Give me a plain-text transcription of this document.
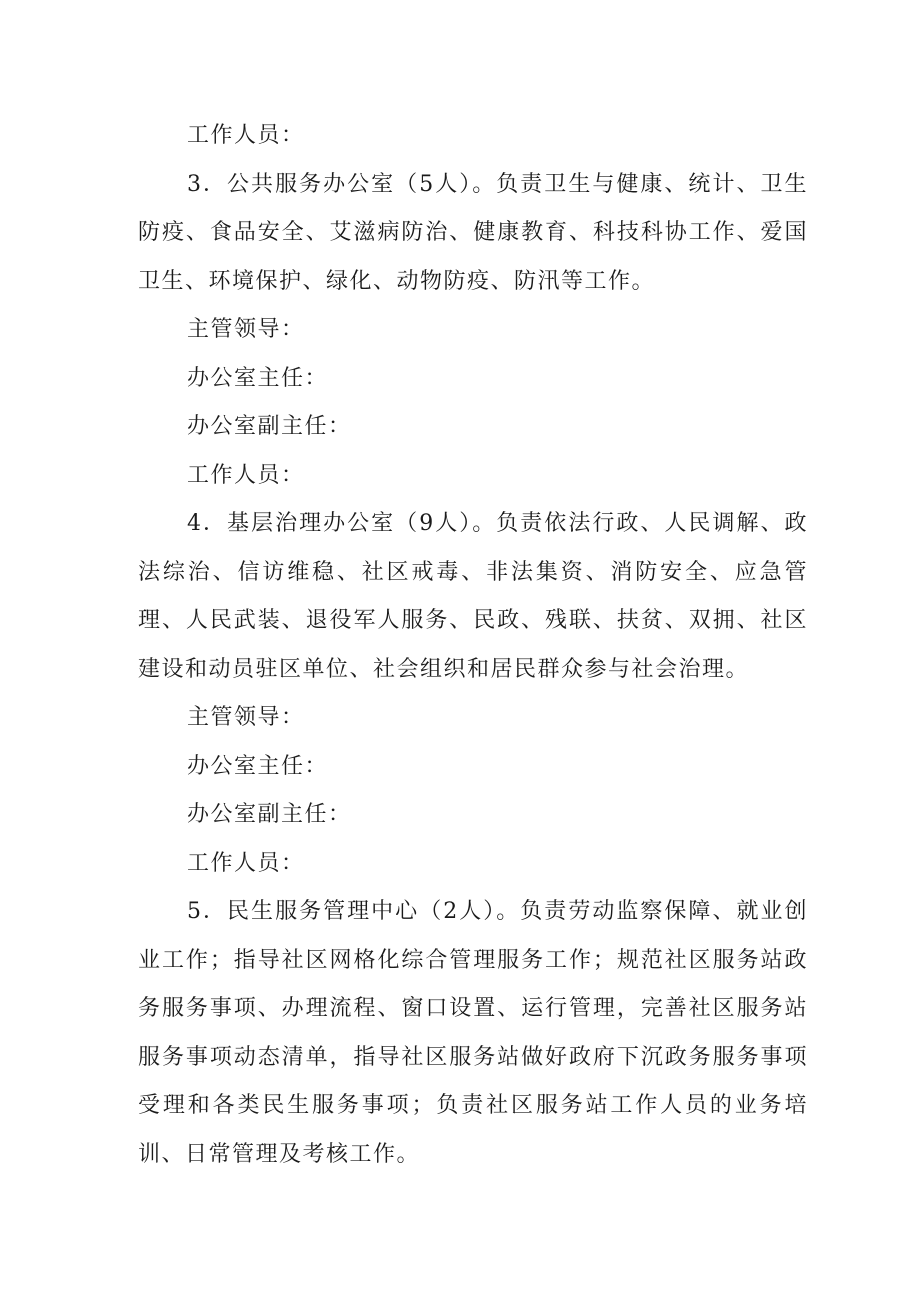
工作人员：

3．公共服务办公室（5人）。负责卫生与健康、统计、卫生防疫、食品安全、艾滋病防治、健康教育、科技科协工作、爱国卫生、环境保护、绿化、动物防疫、防汛等工作。

主管领导：

办公室主任：

办公室副主任：

工作人员：

4．基层治理办公室（9人）。负责依法行政、人民调解、政法综治、信访维稳、社区戒毒、非法集资、消防安全、应急管理、人民武装、退役军人服务、民政、残联、扶贫、双拥、社区建设和动员驻区单位、社会组织和居民群众参与社会治理。

主管领导：

办公室主任：

办公室副主任：

工作人员：

5．民生服务管理中心（2人）。负责劳动监察保障、就业创业工作；指导社区网格化综合管理服务工作；规范社区服务站政务服务事项、办理流程、窗口设置、运行管理，完善社区服务站服务事项动态清单，指导社区服务站做好政府下沉政务服务事项受理和各类民生服务事项；负责社区服务站工作人员的业务培训、日常管理及考核工作。
